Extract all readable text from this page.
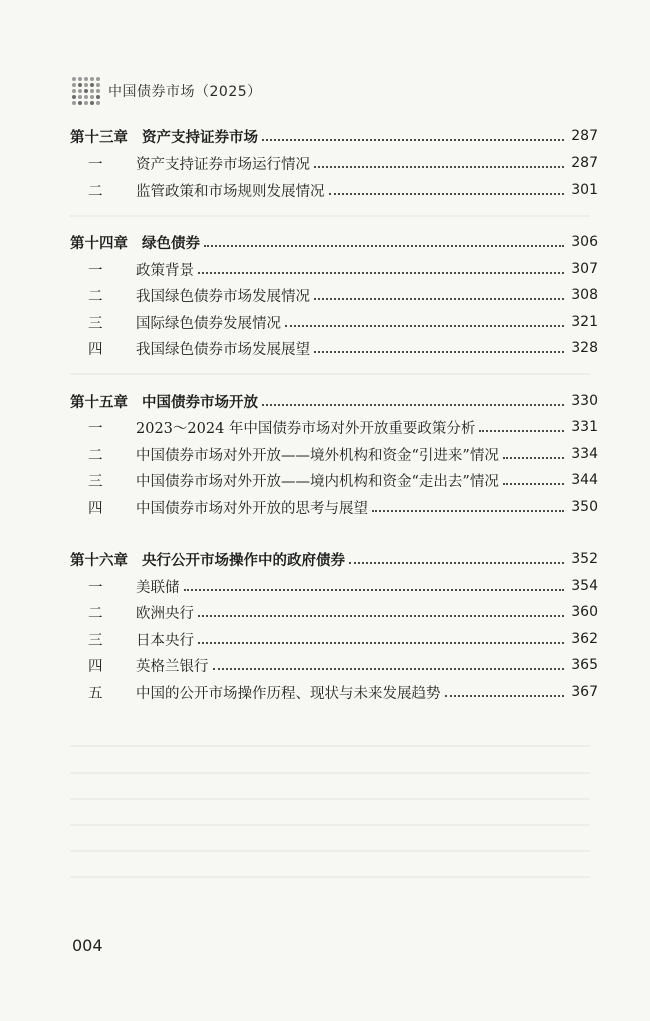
中国债券市场（2025）
第十三章 资产支持证券市场	287
一	资产支持证券市场运行情况	287
二	监管政策和市场规则发展情况	301
第十四章 绿色债券	306
一	政策背景	307
二	我国绿色债券市场发展情况	308
三	国际绿色债券发展情况	321
四	我国绿色债券市场发展展望	328
第十五章 中国债券市场开放	330
一	2023～2024 年中国债券市场对外开放重要政策分析	331
二	中国债券市场对外开放——境外机构和资金“引进来”情况	334
三	中国债券市场对外开放——境内机构和资金“走出去”情况	344
四	中国债券市场对外开放的思考与展望	350
第十六章 央行公开市场操作中的政府债券	352
一	美联储	354
二	欧洲央行	360
三	日本央行	362
四	英格兰银行	365
五	中国的公开市场操作历程、现状与未来发展趋势	367
004
